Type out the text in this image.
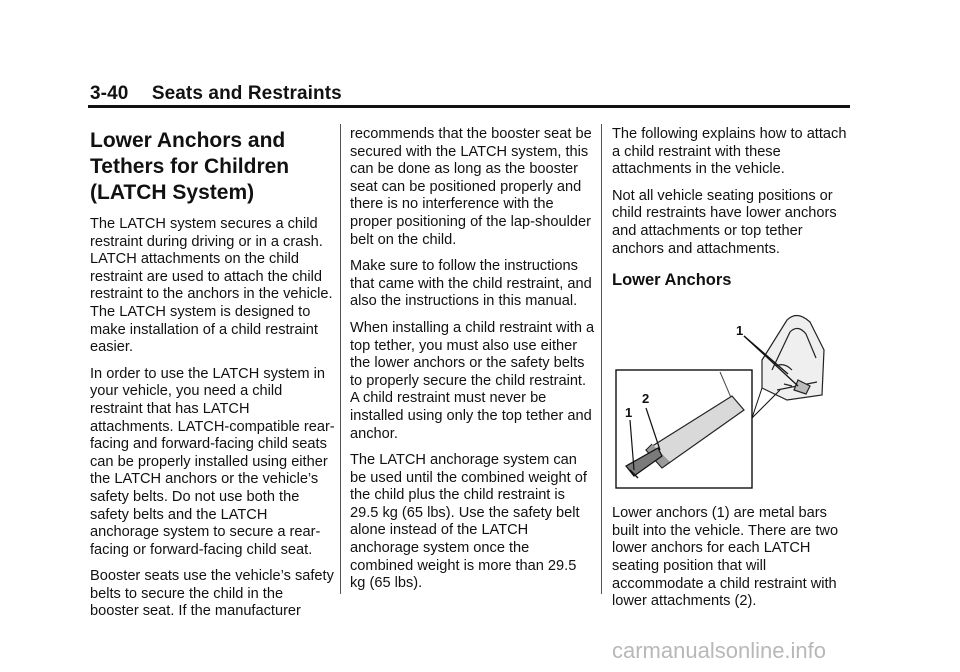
3-40 Seats and Restraints
Lower Anchors and Tethers for Children (LATCH System)

The LATCH system secures a child restraint during driving or in a crash. LATCH attachments on the child restraint are used to attach the child restraint to the anchors in the vehicle. The LATCH system is designed to make installation of a child restraint easier.

In order to use the LATCH system in your vehicle, you need a child restraint that has LATCH attachments. LATCH-compatible rear-facing and forward-facing child seats can be properly installed using either the LATCH anchors or the vehicle’s safety belts. Do not use both the safety belts and the LATCH anchorage system to secure a rear-facing or forward-facing child seat.

Booster seats use the vehicle’s safety belts to secure the child in the booster seat. If the manufacturer

recommends that the booster seat be secured with the LATCH system, this can be done as long as the booster seat can be positioned properly and there is no interference with the proper positioning of the lap-shoulder belt on the child.

Make sure to follow the instructions that came with the child restraint, and also the instructions in this manual.

When installing a child restraint with a top tether, you must also use either the lower anchors or the safety belts to properly secure the child restraint. A child restraint must never be installed using only the top tether and anchor.

The LATCH anchorage system can be used until the combined weight of the child plus the child restraint is 29.5 kg (65 lbs). Use the safety belt alone instead of the LATCH anchorage system once the combined weight is more than 29.5 kg (65 lbs).

The following explains how to attach a child restraint with these attachments in the vehicle.

Not all vehicle seating positions or child restraints have lower anchors and attachments or top tether anchors and attachments.

Lower Anchors
1
1
2

Lower anchors (1) are metal bars built into the vehicle. There are two lower anchors for each LATCH seating position that will accommodate a child restraint with lower attachments (2).

carmanualsonline.info
